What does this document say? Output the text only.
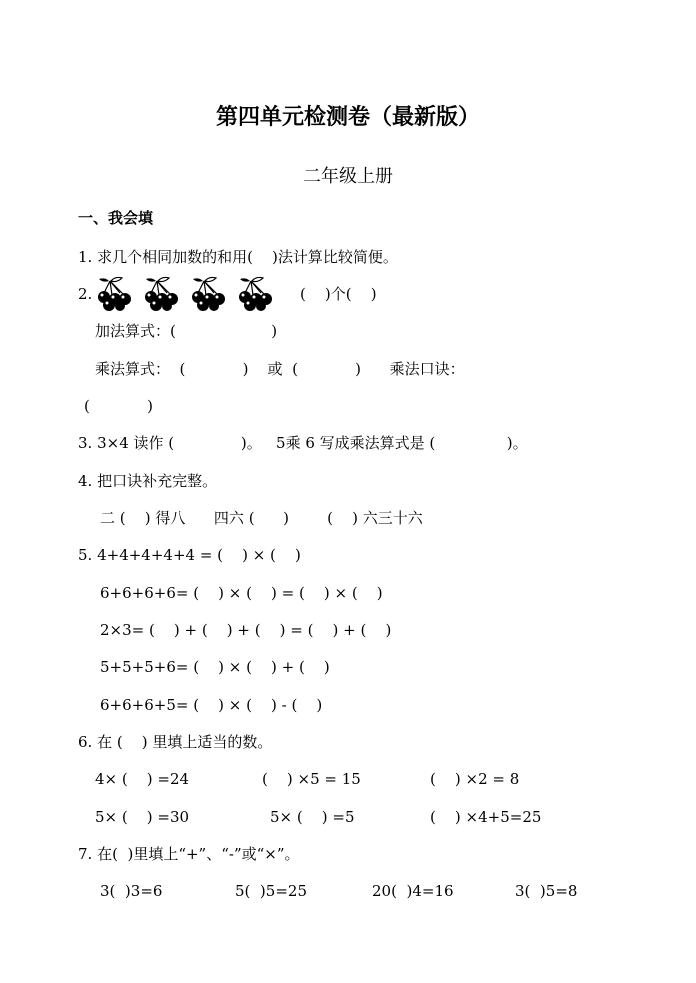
第四单元检测卷（最新版）
二年级上册
一、我会填
1. 求几个相同加数的和用(    )法计算比较简便。
2.	(    )个(    )
加法算式：(                    )
乘法算式：  (            )    或  (            )      乘法口诀：
(            )
3. 3×4 读作 (              )。   5乘 6 写成乘法算式是 (               )。
4. 把口诀补充完整。
二 (    ) 得八      四六 (      )        (    ) 六三十六
5. 4+4+4+4+4 = (    ) × (    )
6+6+6+6= (    ) × (    ) = (    ) × (    )
2×3= (    ) + (    ) + (    ) = (    ) + (    )
5+5+5+6= (    ) × (    ) + (    )
6+6+6+5= (    ) × (    ) - (    )
6. 在 (    ) 里填上适当的数。
4× (    ) =24	(    ) ×5 = 15	(    ) ×2 = 8
5× (    ) =30	5× (    ) =5	(    ) ×4+5=25
7. 在(  )里填上“+”、“-”或“×”。
3(  )3=6	5(  )5=25	20(  )4=16	3(  )5=8
